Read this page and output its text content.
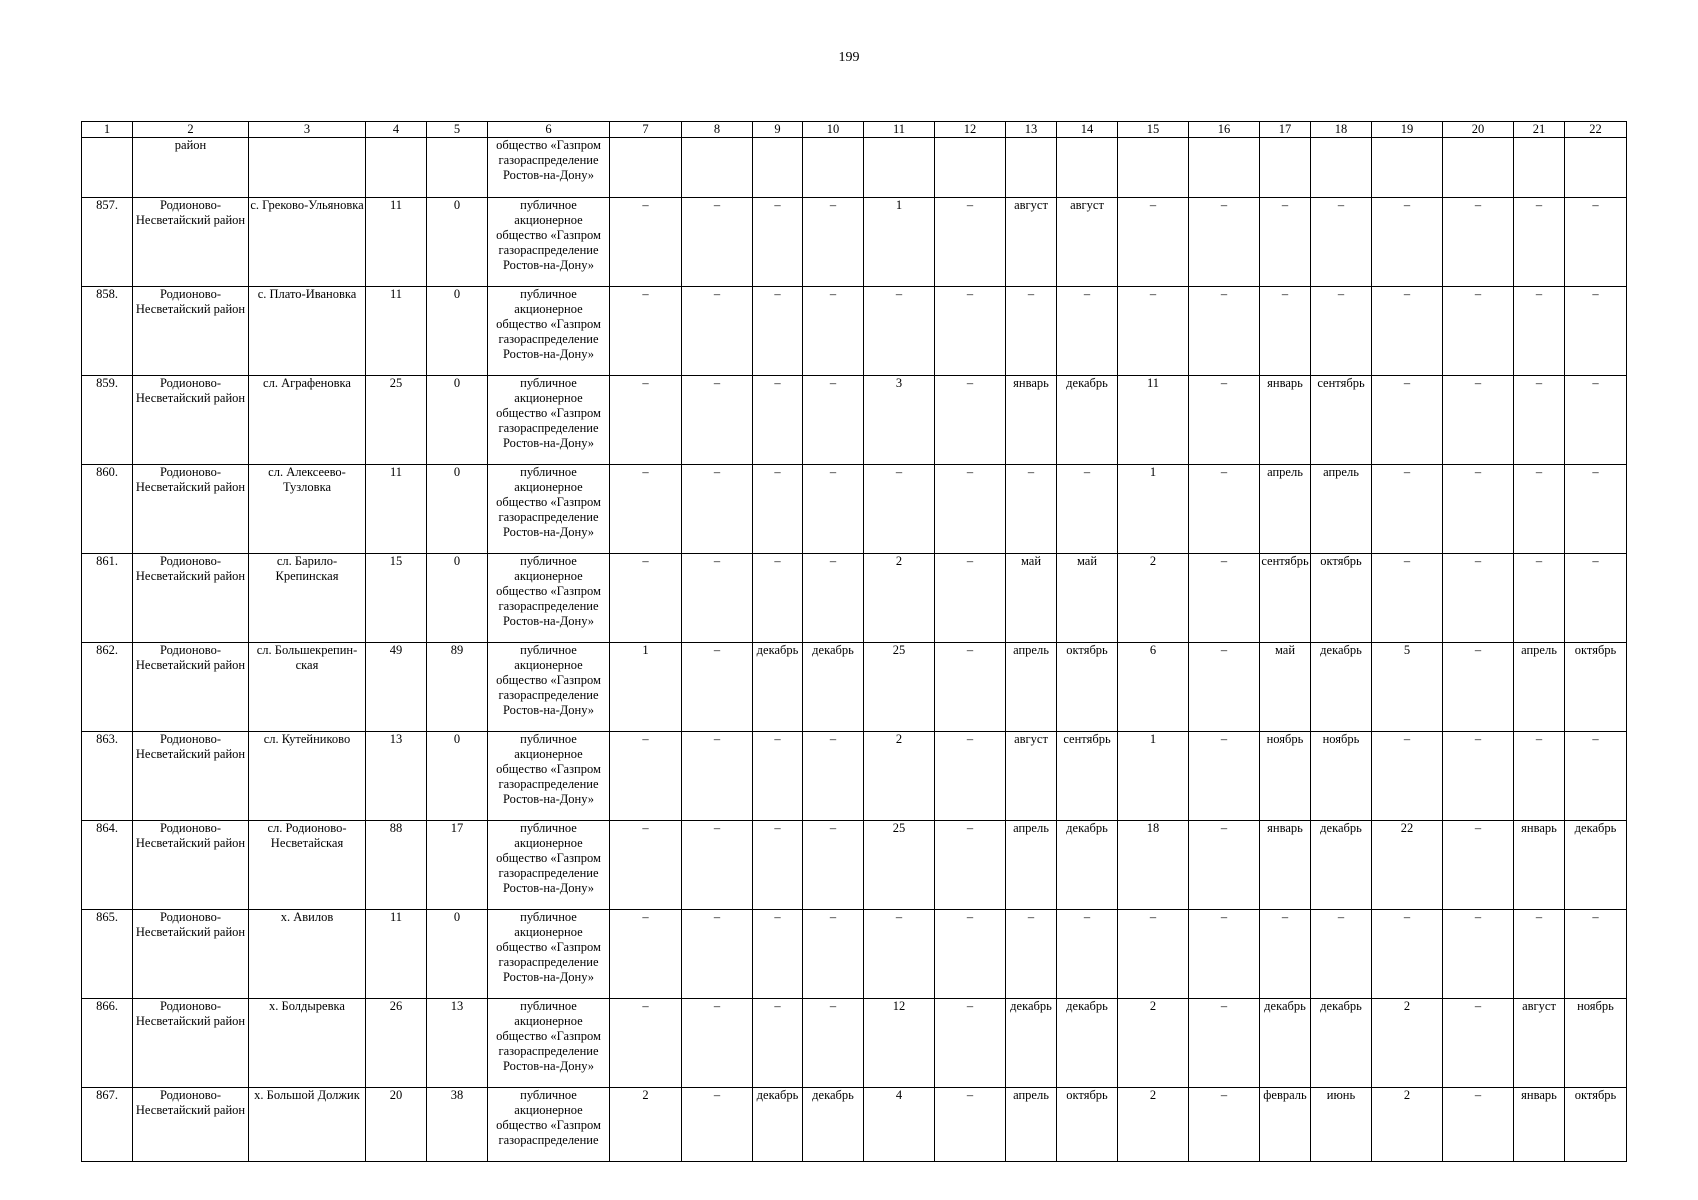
199
1	2	3	4	5	6	7	8	9	10	11	12	13	14	15	16	17	18	19	20	21	22
	район				общество «Газпром газораспределение Ростов-на-Дону»																
857.	Родионово-Несветайский район	с. Греково-Ульяновка	11	0	публичное акционерное общество «Газпром газораспределение Ростов-на-Дону»	–	–	–	–	1	–	август	август	–	–	–	–	–	–	–	–
858.	Родионово-Несветайский район	с. Плато-Ивановка	11	0	публичное акционерное общество «Газпром газораспределение Ростов-на-Дону»	–	–	–	–	–	–	–	–	–	–	–	–	–	–	–	–
859.	Родионово-Несветайский район	сл. Аграфеновка	25	0	публичное акционерное общество «Газпром газораспределение Ростов-на-Дону»	–	–	–	–	3	–	январь	декабрь	11	–	январь	сентябрь	–	–	–	–
860.	Родионово-Несветайский район	сл. Алексеево-Тузловка	11	0	публичное акционерное общество «Газпром газораспределение Ростов-на-Дону»	–	–	–	–	–	–	–	–	1	–	апрель	апрель	–	–	–	–
861.	Родионово-Несветайский район	сл. Барило-Крепинская	15	0	публичное акционерное общество «Газпром газораспределение Ростов-на-Дону»	–	–	–	–	2	–	май	май	2	–	сентябрь	октябрь	–	–	–	–
862.	Родионово-Несветайский район	сл. Большекрепин-ская	49	89	публичное акционерное общество «Газпром газораспределение Ростов-на-Дону»	1	–	декабрь	декабрь	25	–	апрель	октябрь	6	–	май	декабрь	5	–	апрель	октябрь
863.	Родионово-Несветайский район	сл. Кутейниково	13	0	публичное акционерное общество «Газпром газораспределение Ростов-на-Дону»	–	–	–	–	2	–	август	сентябрь	1	–	ноябрь	ноябрь	–	–	–	–
864.	Родионово-Несветайский район	сл. Родионово-Несветайская	88	17	публичное акционерное общество «Газпром газораспределение Ростов-на-Дону»	–	–	–	–	25	–	апрель	декабрь	18	–	январь	декабрь	22	–	январь	декабрь
865.	Родионово-Несветайский район	х. Авилов	11	0	публичное акционерное общество «Газпром газораспределение Ростов-на-Дону»	–	–	–	–	–	–	–	–	–	–	–	–	–	–	–	–
866.	Родионово-Несветайский район	х. Болдыревка	26	13	публичное акционерное общество «Газпром газораспределение Ростов-на-Дону»	–	–	–	–	12	–	декабрь	декабрь	2	–	декабрь	декабрь	2	–	август	ноябрь
867.	Родионово-Несветайский район	х. Большой Должик	20	38	публичное акционерное общество «Газпром газораспределение	2	–	декабрь	декабрь	4	–	апрель	октябрь	2	–	февраль	июнь	2	–	январь	октябрь
